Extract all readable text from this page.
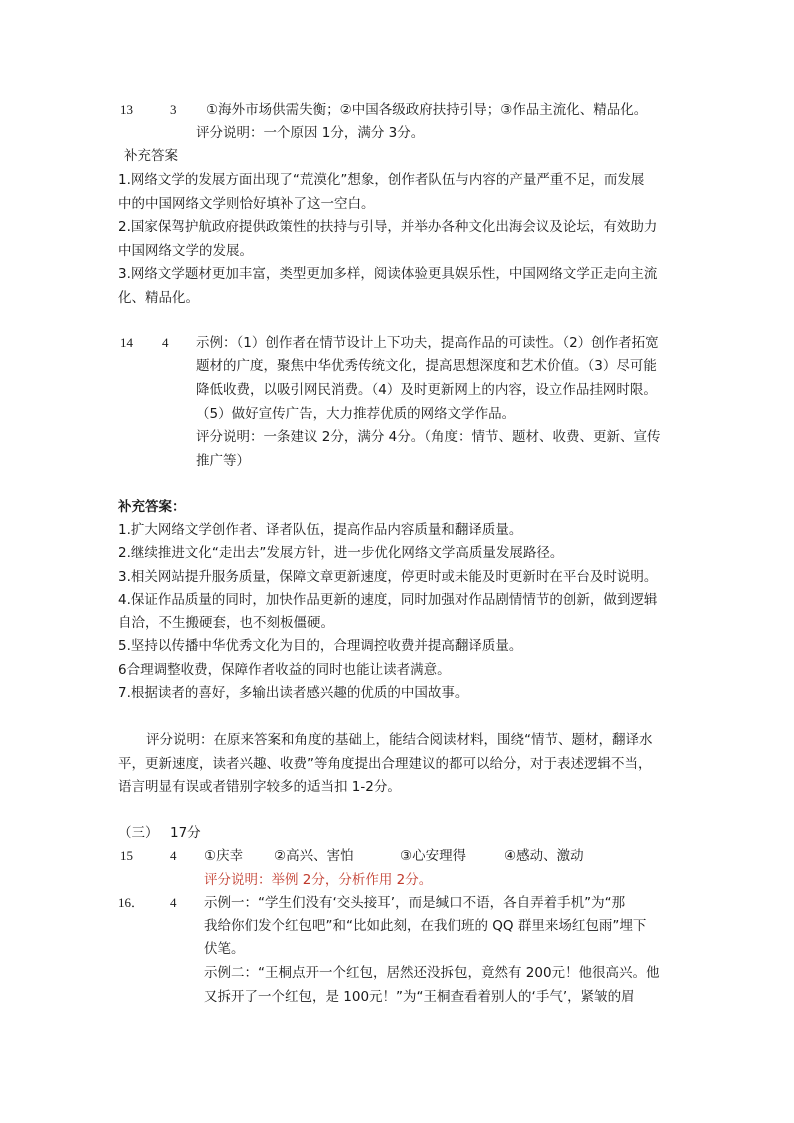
13	3 ①海外市场供需失衡；②中国各级政府扶持引导；③作品主流化、精品化。
评分说明：一个原因 1分，满分 3分。
补充答案
1.网络文学的发展方面出现了“荒漠化”想象，创作者队伍与内容的产量严重不足，而发展
中的中国网络文学则恰好填补了这一空白。
2.国家保驾护航政府提供政策性的扶持与引导，并举办各种文化出海会议及论坛，有效助力
中国网络文学的发展。
3.网络文学题材更加丰富，类型更加多样，阅读体验更具娱乐性，中国网络文学正走向主流
化、精品化。
14 4 示例：（1）创作者在情节设计上下功夫，提高作品的可读性。（2）创作者拓宽
题材的广度，聚焦中华优秀传统文化，提高思想深度和艺术价值。（3）尽可能
降低收费，以吸引网民消费。（4）及时更新网上的内容，设立作品挂网时限。
（5）做好宣传广告，大力推荐优质的网络文学作品。
评分说明：一条建议 2分，满分 4分。（角度：情节、题材、收费、更新、宣传
推广等）
补充答案：
1.扩大网络文学创作者、译者队伍，提高作品内容质量和翻译质量。
2.继续推进文化“走出去”发展方针，进一步优化网络文学高质量发展路径。
3.相关网站提升服务质量，保障文章更新速度，停更时或未能及时更新时在平台及时说明。
4.保证作品质量的同时，加快作品更新的速度，同时加强对作品剧情情节的创新，做到逻辑
自洽，不生搬硬套，也不刻板僵硬。
5.坚持以传播中华优秀文化为目的，合理调控收费并提高翻译质量。
6合理调整收费，保障作者收益的同时也能让读者满意。
7.根据读者的喜好，多输出读者感兴趣的优质的中国故事。
评分说明：在原来答案和角度的基础上，能结合阅读材料，围绕“情节、题材，翻译水
平，更新速度，读者兴趣、收费”等角度提出合理建议的都可以给分，对于表述逻辑不当，
语言明显有误或者错别字较多的适当扣 1-2分。
（三） 17分
15	4 ①庆幸 ②高兴、害怕	③心安理得	④感动、激动
评分说明：举例 2分，分析作用 2分。
16． 4 示例一：“学生们没有‘交头接耳’，而是缄口不语，各自弄着手机”为“那
我给你们发个红包吧”和“比如此刻，在我们班的 QQ 群里来场红包雨”埋下
伏笔。
示例二：“王桐点开一个红包，居然还没拆包，竟然有 200元！他很高兴。他
又拆开了一个红包，是 100元！”为“王桐查看着别人的‘手气’，紧皱的眉
